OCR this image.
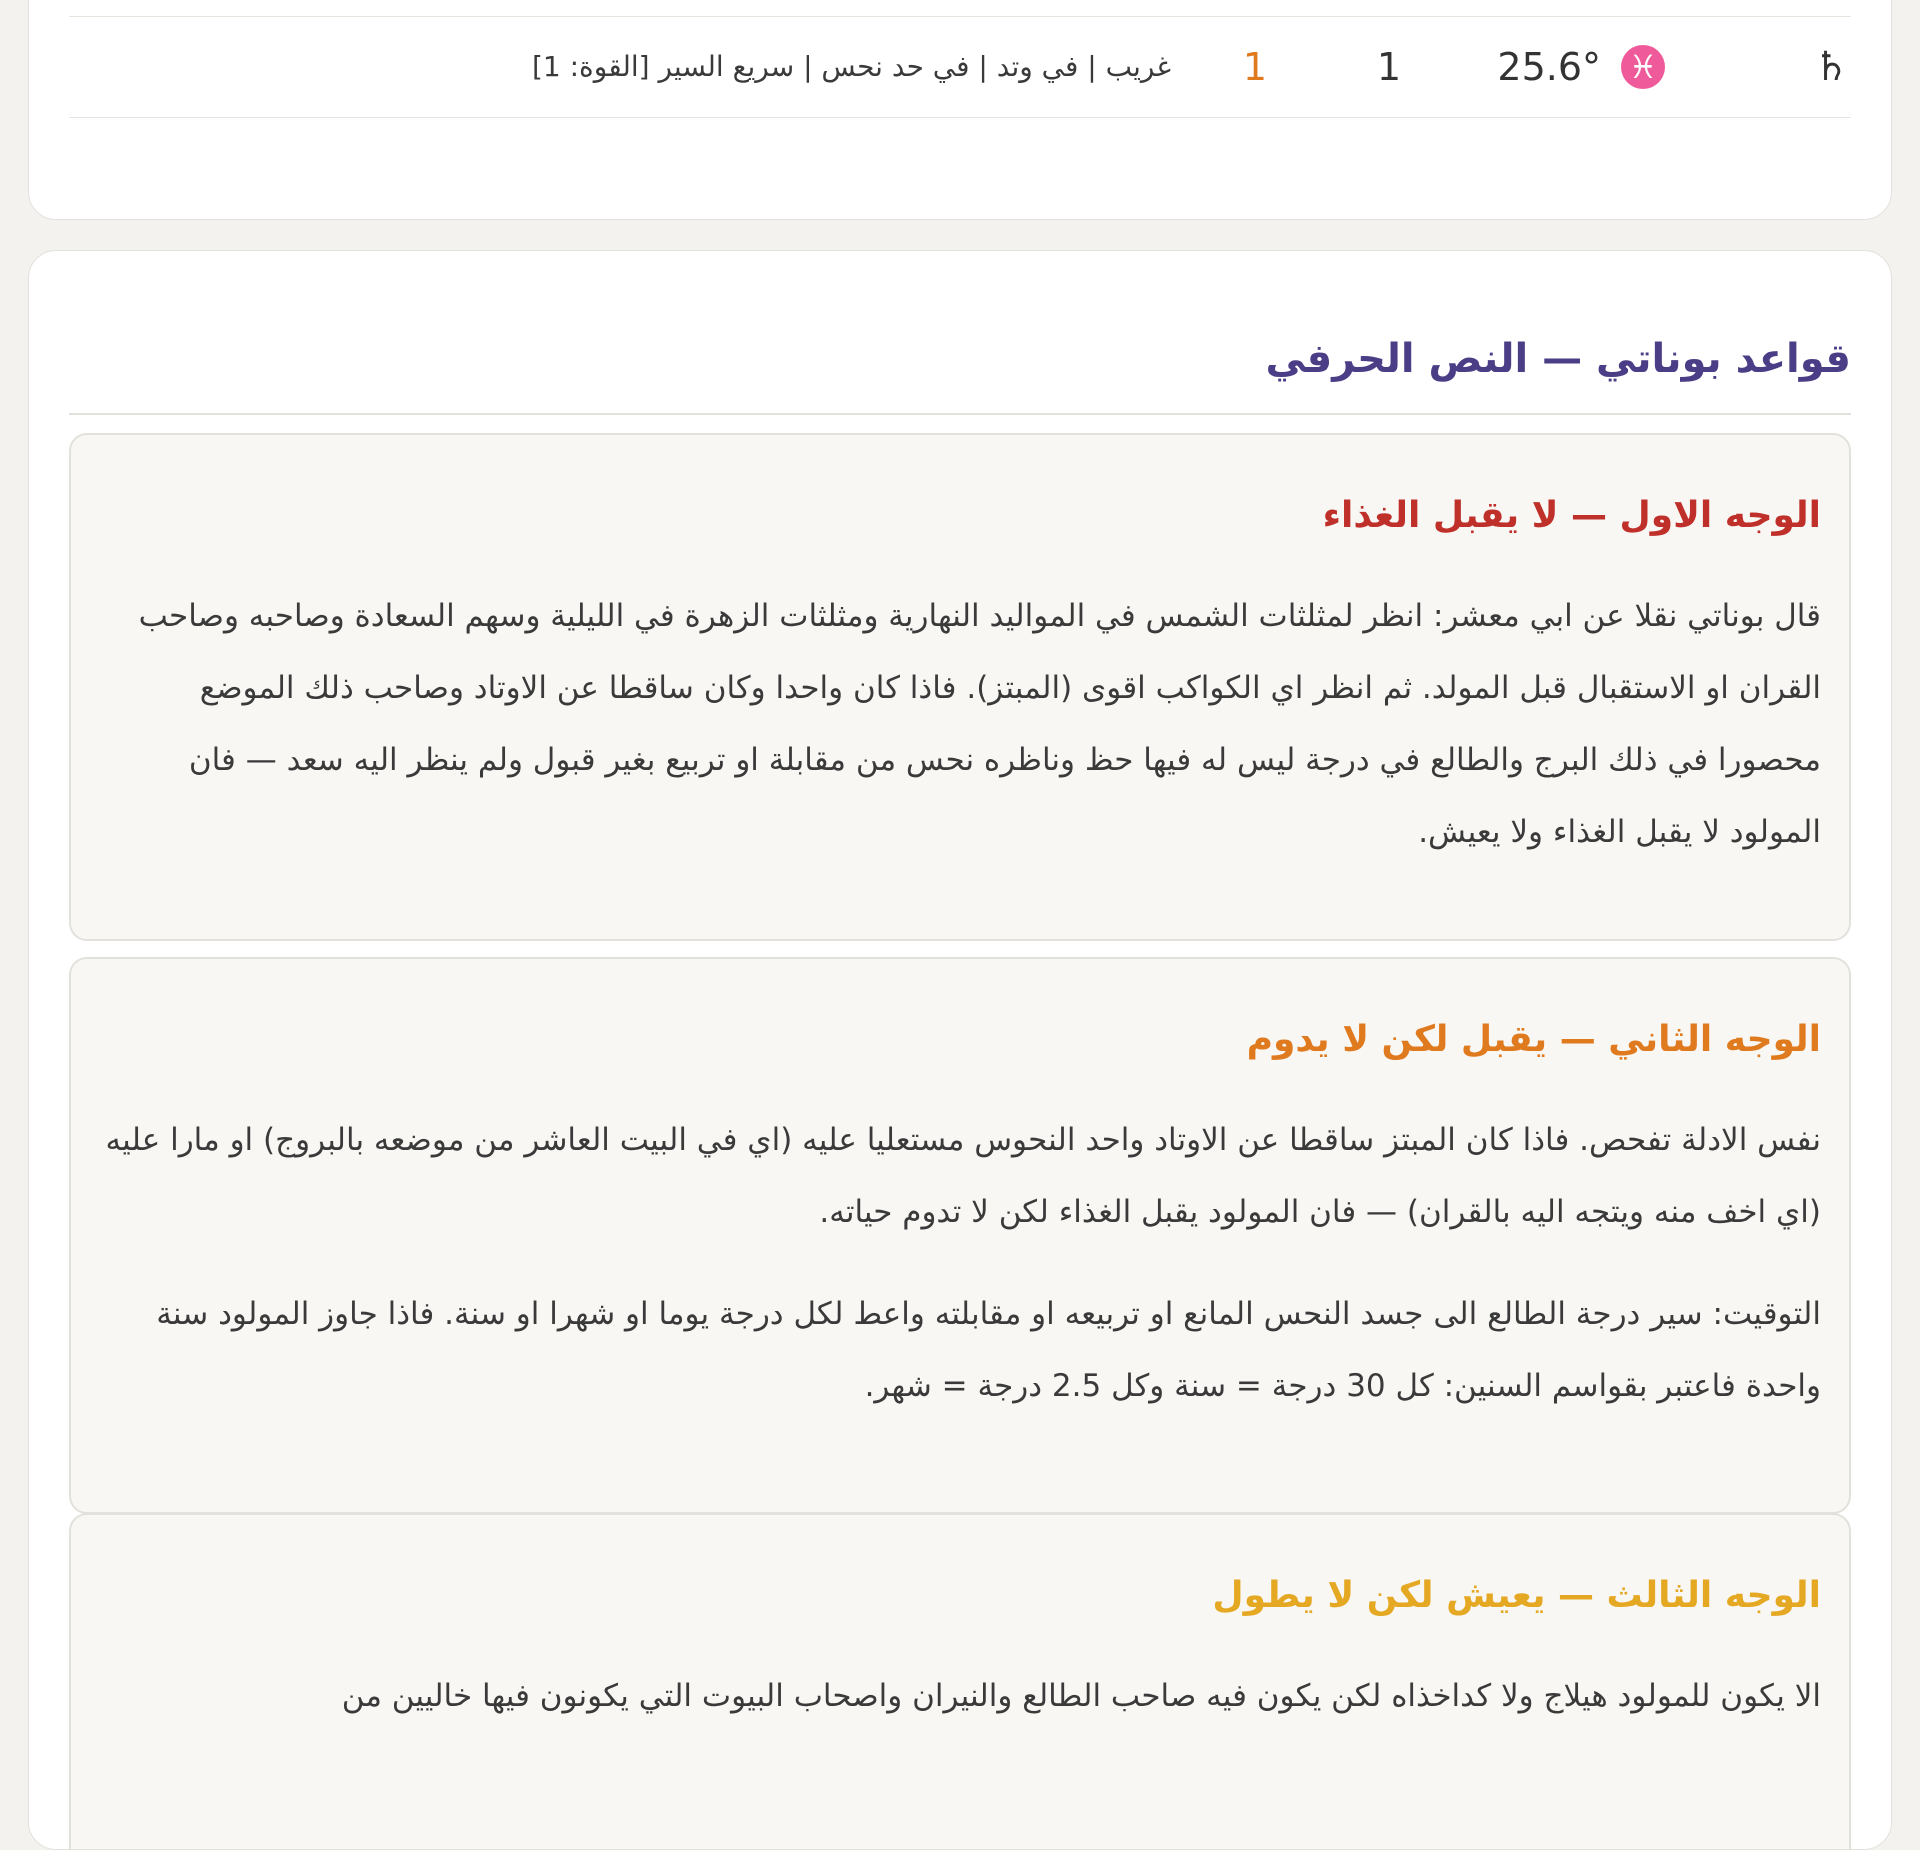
♄
♓
25.6°
1
1
غريب | في وتد | في حد نحس | سريع السير [القوة: 1]
قواعد بوناتي — النص الحرفي
الوجه الاول — لا يقبل الغذاء

قال بوناتي نقلا عن ابي معشر: انظر لمثلثات الشمس في المواليد النهارية ومثلثات الزهرة في الليلية وسهم السعادة وصاحبه وصاحب القران او الاستقبال قبل المولد. ثم انظر اي الكواكب اقوى (المبتز). فاذا كان واحدا وكان ساقطا عن الاوتاد وصاحب ذلك الموضع محصورا في ذلك البرج والطالع في درجة ليس له فيها حظ وناظره نحس من مقابلة او تربيع بغير قبول ولم ينظر اليه سعد — فان المولود لا يقبل الغذاء ولا يعيش.

الوجه الثاني — يقبل لكن لا يدوم

نفس الادلة تفحص. فاذا كان المبتز ساقطا عن الاوتاد واحد النحوس مستعليا عليه (اي في البيت العاشر من موضعه بالبروج) او مارا عليه (اي اخف منه ويتجه اليه بالقران) — فان المولود يقبل الغذاء لكن لا تدوم حياته.

التوقيت: سير درجة الطالع الى جسد النحس المانع او تربيعه او مقابلته واعط لكل درجة يوما او شهرا او سنة. فاذا جاوز المولود سنة واحدة فاعتبر بقواسم السنين: كل 30 درجة = سنة وكل 2.5 درجة = شهر.

الوجه الثالث — يعيش لكن لا يطول

الا يكون للمولود هيلاج ولا كداخذاه لكن يكون فيه صاحب الطالع والنيران واصحاب البيوت التي يكونون فيها خاليين من
